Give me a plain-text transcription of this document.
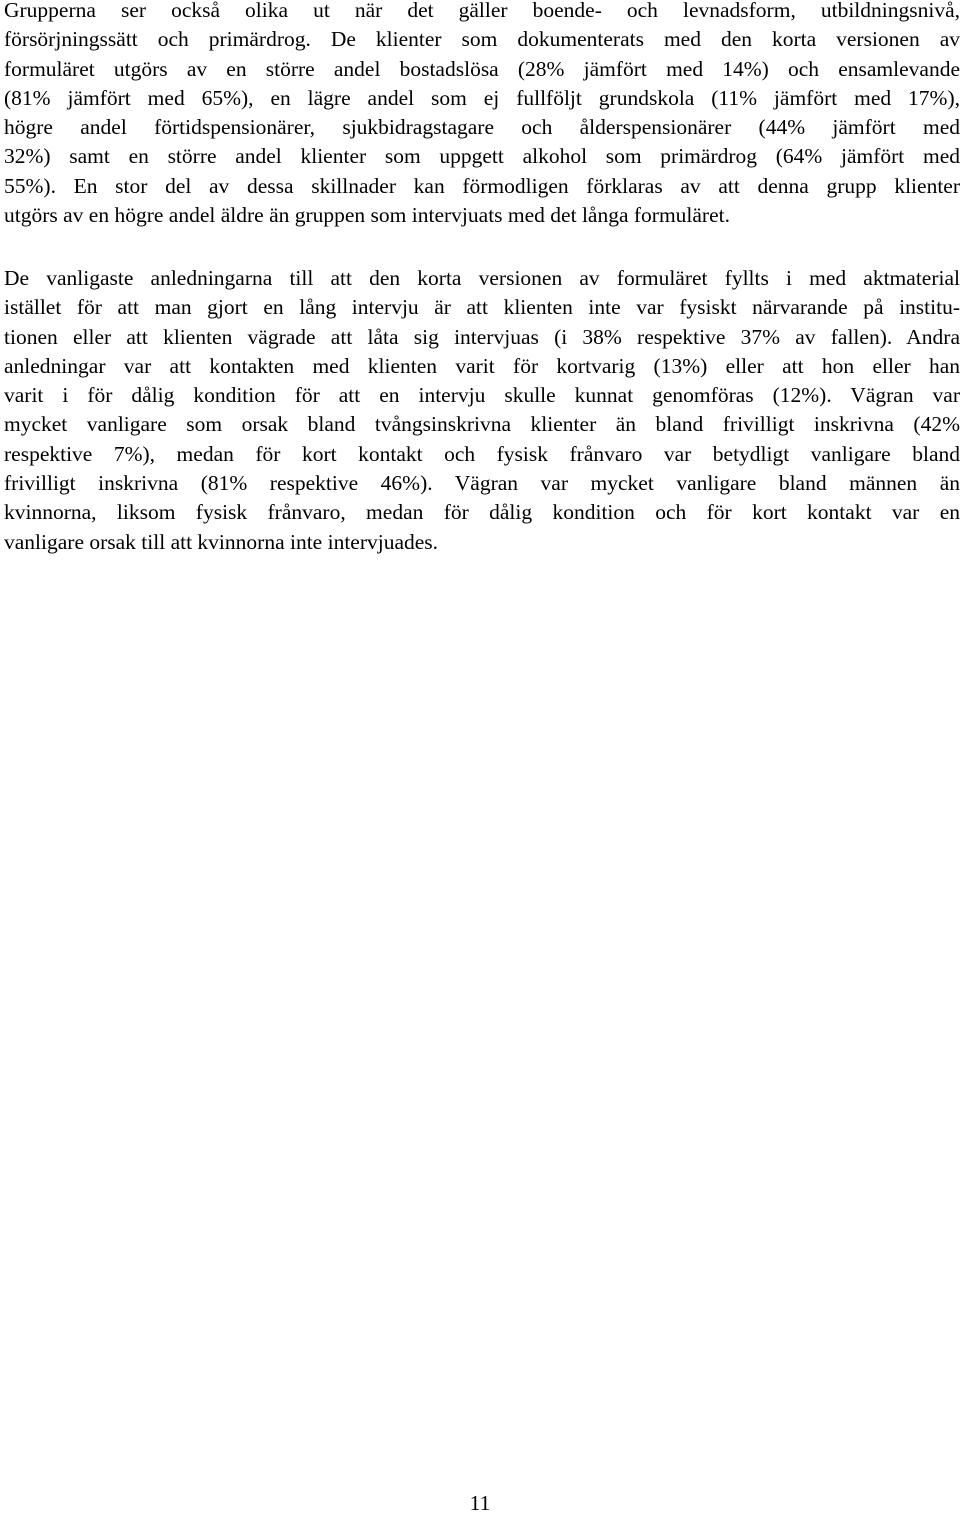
Grupperna ser också olika ut när det gäller boende- och levnadsform, utbildningsnivå,
försörjningssätt och primärdrog. De klienter som dokumenterats med den korta versionen av
formuläret utgörs av en större andel bostadslösa (28% jämfört med 14%) och ensamlevande
(81% jämfört med 65%), en lägre andel som ej fullföljt grundskola (11% jämfört med 17%),
högre andel förtidspensionärer, sjukbidragstagare och ålderspensionärer (44% jämfört med
32%) samt en större andel klienter som uppgett alkohol som primärdrog (64% jämfört med
55%). En stor del av dessa skillnader kan förmodligen förklaras av att denna grupp klienter
utgörs av en högre andel äldre än gruppen som intervjuats med det långa formuläret.

De vanligaste anledningarna till att den korta versionen av formuläret fyllts i med aktmaterial
istället för att man gjort en lång intervju är att klienten inte var fysiskt närvarande på institu-
tionen eller att klienten vägrade att låta sig intervjuas (i 38% respektive 37% av fallen). Andra
anledningar var att kontakten med klienten varit för kortvarig (13%) eller att hon eller han
varit i för dålig kondition för att en intervju skulle kunnat genomföras (12%). Vägran var
mycket vanligare som orsak bland tvångsinskrivna klienter än bland frivilligt inskrivna (42%
respektive 7%), medan för kort kontakt och fysisk frånvaro var betydligt vanligare bland
frivilligt inskrivna (81% respektive 46%). Vägran var mycket vanligare bland männen än
kvinnorna, liksom fysisk frånvaro, medan för dålig kondition och för kort kontakt var en
vanligare orsak till att kvinnorna inte intervjuades.

11
